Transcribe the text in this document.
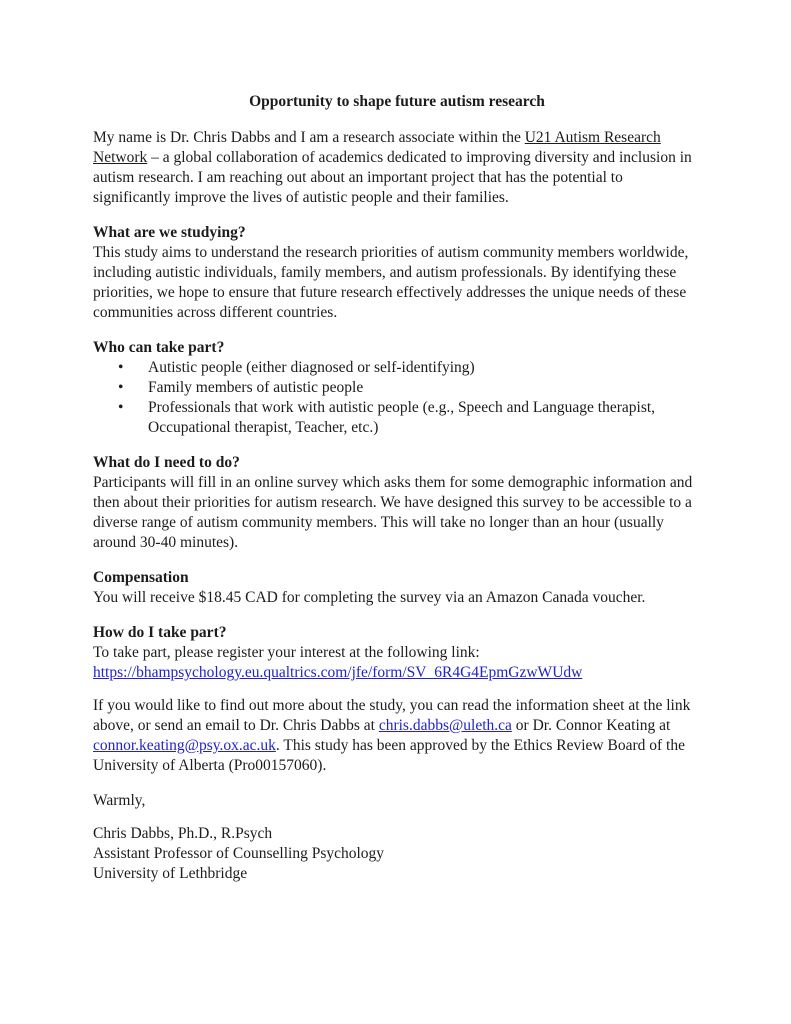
Opportunity to shape future autism research

My name is Dr. Chris Dabbs and I am a research associate within the U21 Autism Research Network – a global collaboration of academics dedicated to improving diversity and inclusion in autism research. I am reaching out about an important project that has the potential to significantly improve the lives of autistic people and their families.

What are we studying?

This study aims to understand the research priorities of autism community members worldwide, including autistic individuals, family members, and autism professionals. By identifying these priorities, we hope to ensure that future research effectively addresses the unique needs of these communities across different countries.

Who can take part?
• Autistic people (either diagnosed or self-identifying)
• Family members of autistic people
• Professionals that work with autistic people (e.g., Speech and Language therapist, Occupational therapist, Teacher, etc.)
What do I need to do?

Participants will fill in an online survey which asks them for some demographic information and then about their priorities for autism research. We have designed this survey to be accessible to a diverse range of autism community members. This will take no longer than an hour (usually around 30-40 minutes).

Compensation

You will receive $18.45 CAD for completing the survey via an Amazon Canada voucher.

How do I take part?

To take part, please register your interest at the following link:

https://bhampsychology.eu.qualtrics.com/jfe/form/SV_6R4G4EpmGzwWUdw

If you would like to find out more about the study, you can read the information sheet at the link above, or send an email to Dr. Chris Dabbs at chris.dabbs@uleth.ca or Dr. Connor Keating at connor.keating@psy.ox.ac.uk. This study has been approved by the Ethics Review Board of the University of Alberta (Pro00157060).

Warmly,

Chris Dabbs, Ph.D., R.Psych

Assistant Professor of Counselling Psychology

University of Lethbridge
